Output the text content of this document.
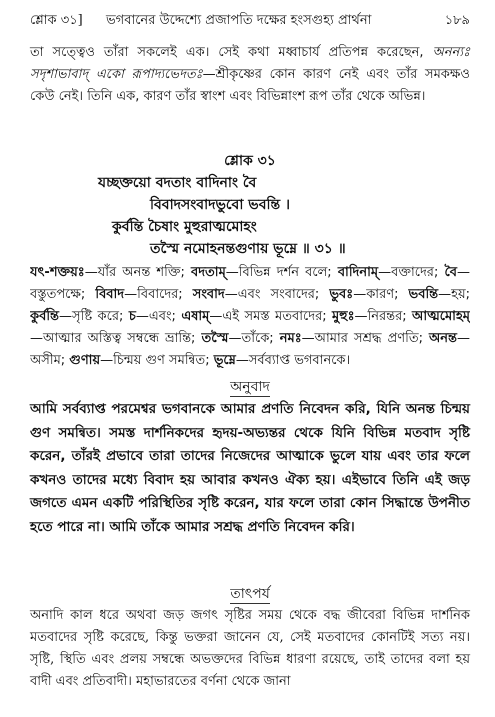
শ্লোক ৩১] ভগবানের উদ্দেশ্যে প্রজাপতি দক্ষের হংসগুহ্য প্রার্থনা	১৮৯
তা সত্ত্বেও তাঁরা সকলেই এক। সেই কথা মধ্বাচার্য প্রতিপন্ন করেছেন, অনন্যঃ সদৃশাভাবাদ্ একো রূপাদ্যভেদতঃ—শ্রীকৃষ্ণের কোন কারণ নেই এবং তাঁর সমকক্ষও কেউ নেই। তিনি এক, কারণ তাঁর স্বাংশ এবং বিভিন্নাংশ রূপ তাঁর থেকে অভিন্ন।
শ্লোক ৩১
যচ্ছক্তয়ো বদতাং বাদিনাং বৈ
বিবাদসংবাদভুবো ভবন্তি ।
কুর্বন্তি চৈষাং মুহুরাত্মমোহং
তস্মৈ নমোহনন্তগুণায় ভূম্নে ॥ ৩১ ॥
যৎ-শক্তয়ঃ—যাঁর অনন্ত শক্তি; বদতাম্—বিভিন্ন দর্শন বলে; বাদিনাম্—বক্তাদের; বৈ—বস্তুতপক্ষে; বিবাদ—বিবাদের; সংবাদ—এবং সংবাদের; ভুবঃ—কারণ; ভবন্তি—হয়; কুর্বন্তি—সৃষ্টি করে; চ—এবং; এষাম্—এই সমস্ত মতবাদের; মুহুঃ—নিরন্তর; আত্মমোহম্—আত্মার অস্তিত্ব সম্বন্ধে ভ্রান্তি; তস্মৈ—তাঁকে; নমঃ—আমার সশ্রদ্ধ প্রণতি; অনন্ত—অসীম; গুণায়—চিন্ময় গুণ সমন্বিত; ভূম্নে—সর্বব্যাপ্ত ভগবানকে।
অনুবাদ
আমি সর্বব্যাপ্ত পরমেশ্বর ভগবানকে আমার প্রণতি নিবেদন করি, যিনি অনন্ত চিন্ময় গুণ সমন্বিত। সমস্ত দার্শনিকদের হৃদয়-অভ্যন্তর থেকে যিনি বিভিন্ন মতবাদ সৃষ্টি করেন, তাঁরই প্রভাবে তারা তাদের নিজেদের আত্মাকে ভুলে যায় এবং তার ফলে কখনও তাদের মধ্যে বিবাদ হয় আবার কখনও ঐক্য হয়। এইভাবে তিনি এই জড় জগতে এমন একটি পরিস্থিতির সৃষ্টি করেন, যার ফলে তারা কোন সিদ্ধান্তে উপনীত হতে পারে না। আমি তাঁকে আমার সশ্রদ্ধ প্রণতি নিবেদন করি।
তাৎপর্য
অনাদি কাল ধরে অথবা জড় জগৎ সৃষ্টির সময় থেকে বদ্ধ জীবেরা বিভিন্ন দার্শনিক মতবাদের সৃষ্টি করেছে, কিন্তু ভক্তরা জানেন যে, সেই মতবাদের কোনটিই সত্য নয়। সৃষ্টি, স্থিতি এবং প্রলয় সম্বন্ধে অভক্তদের বিভিন্ন ধারণা রয়েছে, তাই তাদের বলা হয় বাদী এবং প্রতিবাদী। মহাভারতের বর্ণনা থেকে জানা
